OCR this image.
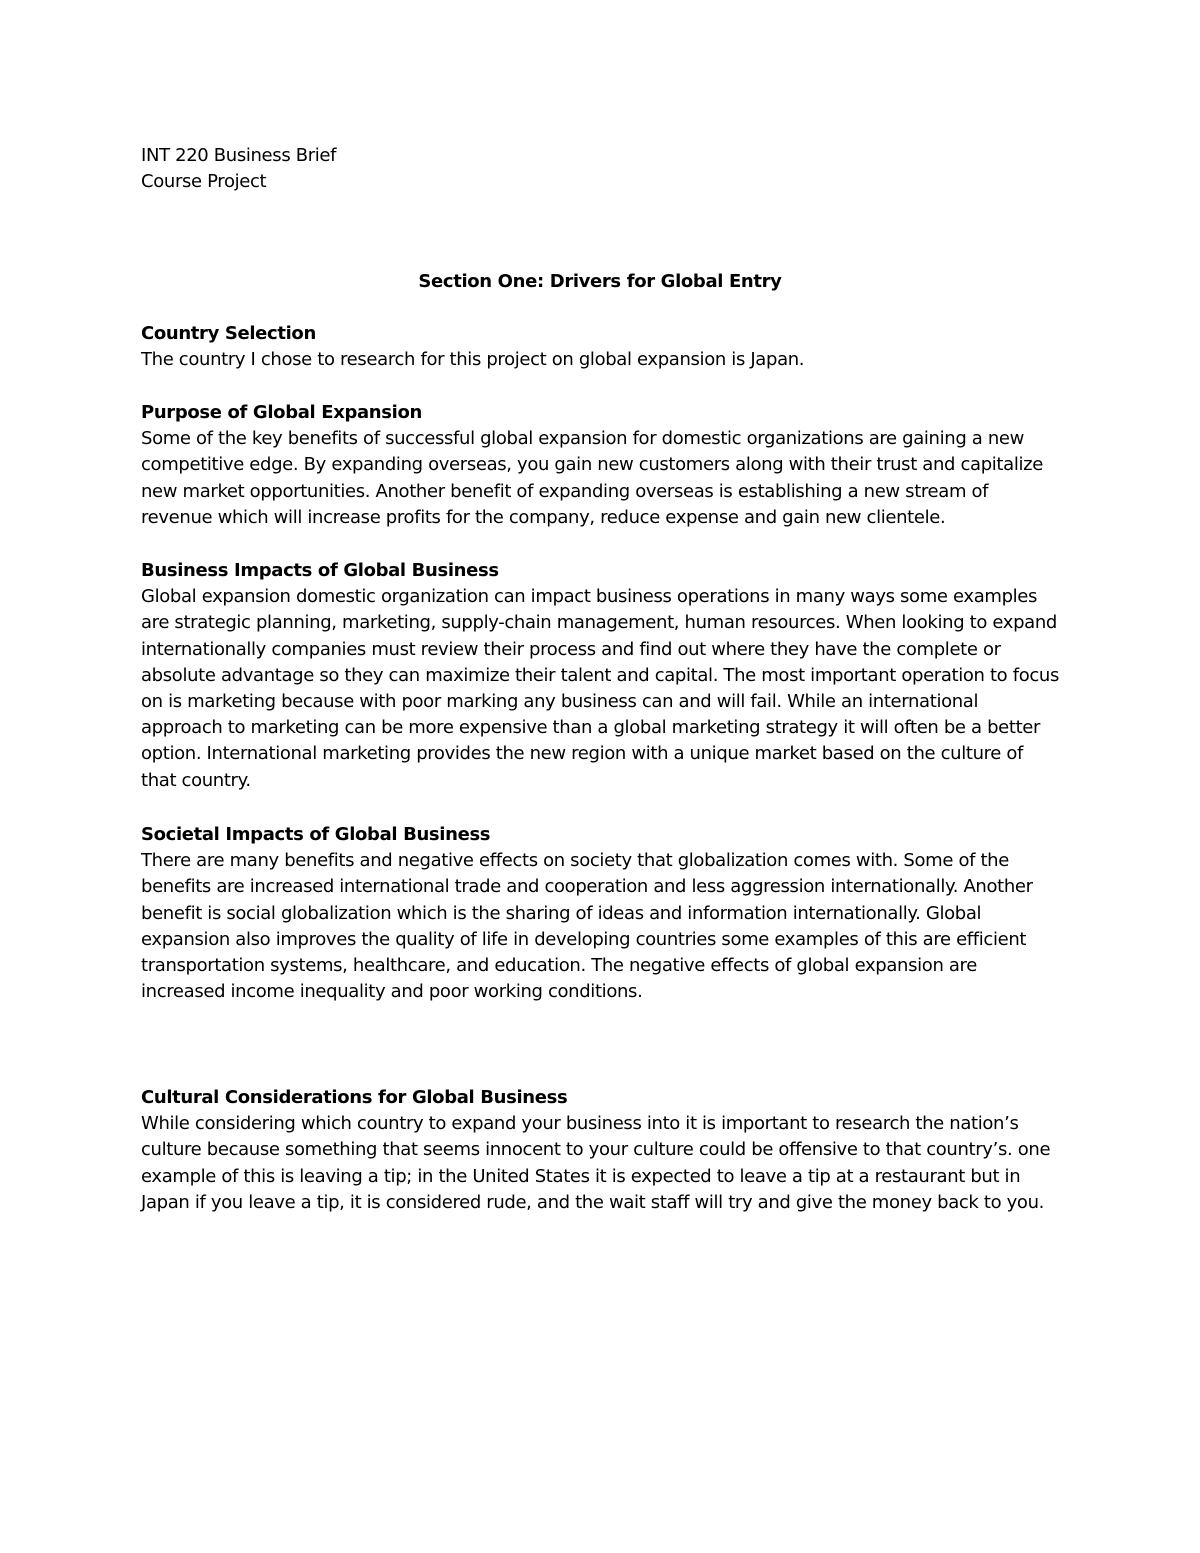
INT 220 Business Brief
Course Project
Section One: Drivers for Global Entry
Country Selection
The country I chose to research for this project on global expansion is Japan.
Purpose of Global Expansion
Some of the key benefits of successful global expansion for domestic organizations are gaining a new
competitive edge. By expanding overseas, you gain new customers along with their trust and capitalize
new market opportunities. Another benefit of expanding overseas is establishing a new stream of
revenue which will increase profits for the company, reduce expense and gain new clientele.
Business Impacts of Global Business
Global expansion domestic organization can impact business operations in many ways some examples
are strategic planning, marketing, supply-chain management, human resources. When looking to expand
internationally companies must review their process and find out where they have the complete or
absolute advantage so they can maximize their talent and capital. The most important operation to focus
on is marketing because with poor marking any business can and will fail. While an international
approach to marketing can be more expensive than a global marketing strategy it will often be a better
option. International marketing provides the new region with a unique market based on the culture of
that country.
Societal Impacts of Global Business
There are many benefits and negative effects on society that globalization comes with. Some of the
benefits are increased international trade and cooperation and less aggression internationally. Another
benefit is social globalization which is the sharing of ideas and information internationally. Global
expansion also improves the quality of life in developing countries some examples of this are efficient
transportation systems, healthcare, and education. The negative effects of global expansion are
increased income inequality and poor working conditions.
Cultural Considerations for Global Business
While considering which country to expand your business into it is important to research the nation’s
culture because something that seems innocent to your culture could be offensive to that country’s. one
example of this is leaving a tip; in the United States it is expected to leave a tip at a restaurant but in
Japan if you leave a tip, it is considered rude, and the wait staff will try and give the money back to you.
